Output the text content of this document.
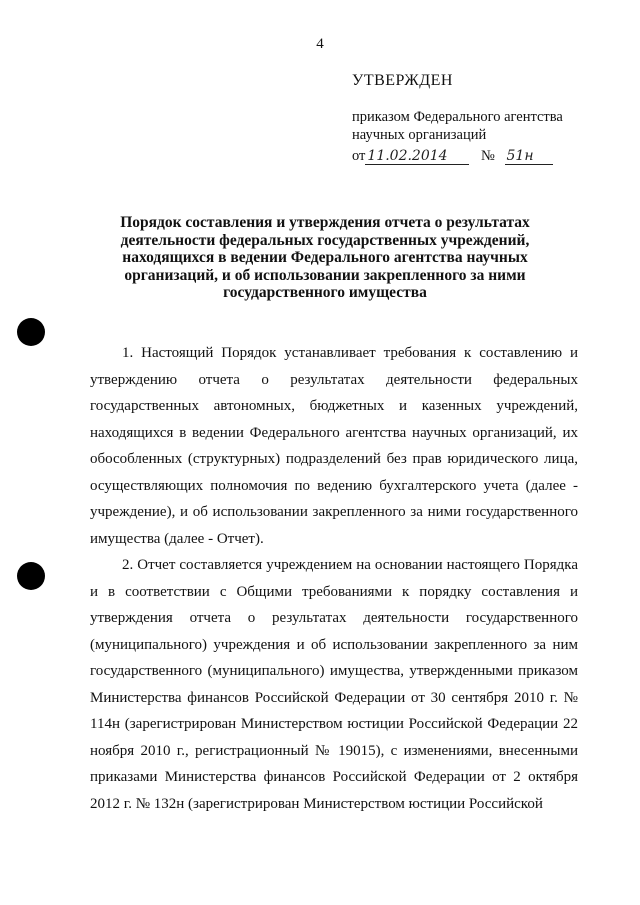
4
УТВЕРЖДЕН
приказом Федерального агентства
научных организаций
от 11.02.2014 № 51н
Порядок составления и утверждения отчета о результатах деятельности федеральных государственных учреждений, находящихся в ведении Федерального агентства научных организаций, и об использовании закрепленного за ними государственного имущества

1. Настоящий Порядок устанавливает требования к составлению и утверждению отчета о результатах деятельности федеральных государственных автономных, бюджетных и казенных учреждений, находящихся в ведении Федерального агентства научных организаций, их обособленных (структурных) подразделений без прав юридического лица, осуществляющих полномочия по ведению бухгалтерского учета (далее - учреждение), и об использовании закрепленного за ними государственного имущества (далее - Отчет).

2. Отчет составляется учреждением на основании настоящего Порядка и в соответствии с Общими требованиями к порядку составления и утверждения отчета о результатах деятельности государственного (муниципального) учреждения и об использовании закрепленного за ним государственного (муниципального) имущества, утвержденными приказом Министерства финансов Российской Федерации от 30 сентября 2010 г. № 114н (зарегистрирован Министерством юстиции Российской Федерации 22 ноября 2010 г., регистрационный № 19015), с изменениями, внесенными приказами Министерства финансов Российской Федерации от 2 октября 2012 г. № 132н (зарегистрирован Министерством юстиции Российской
